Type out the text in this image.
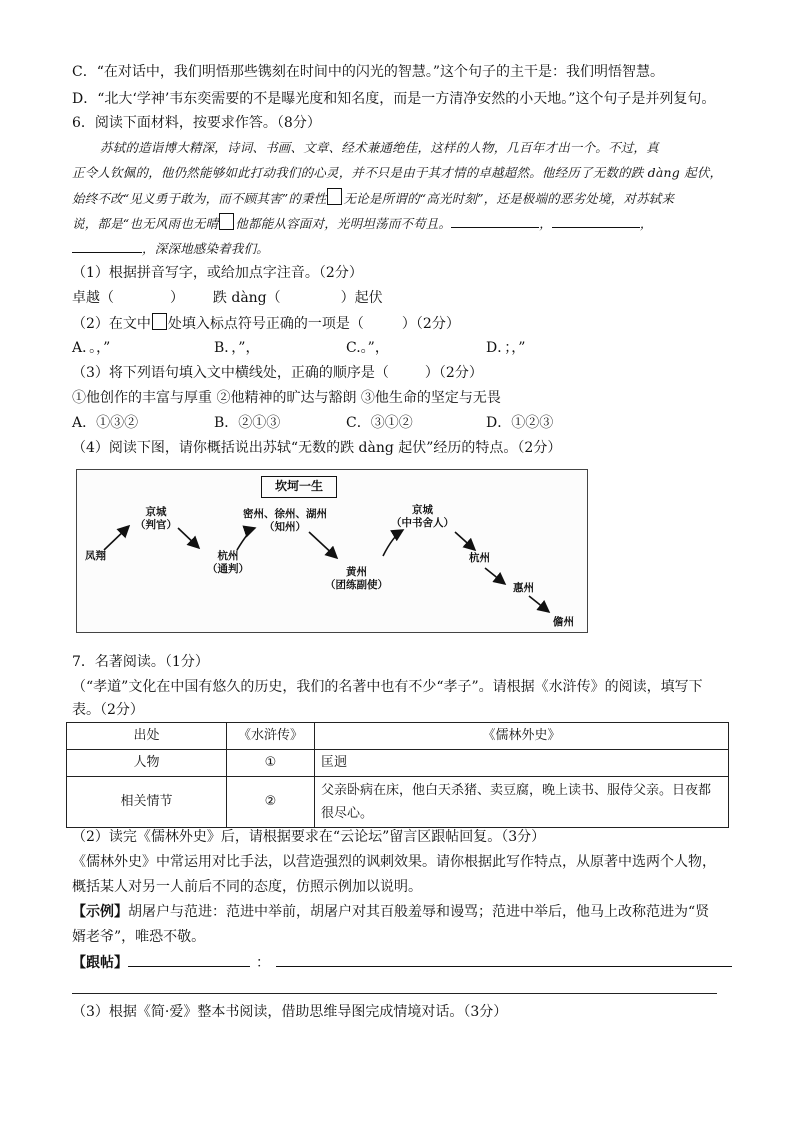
C．“在对话中，我们明悟那些镌刻在时间中的闪光的智慧。”这个句子的主干是：我们明悟智慧。
D．“北大‘学神’韦东奕需要的不是曝光度和知名度，而是一方清净安然的小天地。”这个句子是并列复句。
6．阅读下面材料，按要求作答。（8分）
苏轼的造诣博大精深，诗词、书画、文章、经术兼通绝佳，这样的人物，几百年才出一个。不过，真
正令人钦佩的，他仍然能够如此打动我们的心灵，并不只是由于其才情的卓越超然。他经历了无数的跌 dàng 起伏，
始终不改“见义勇于敢为，而不顾其害”的秉性 无论是所谓的“高光时刻”，还是极端的恶劣处境，对苏轼来
说，都是“也无风雨也无晴 他都能从容面对，光明坦荡而不苟且。	，	，
，深深地感染着我们。
（1）根据拼音写字，或给加点字注音。（2分）
卓越（	） 跌 dàng（	）起伏
（2）在文中 处填入标点符号正确的一项是（	）（2分）
A．。，”	B．，”，	C.。”，	D．；，”
（3）将下列语句填入文中横线处，正确的顺序是（	）（2分）
①他创作的丰富与厚重 ②他精神的旷达与豁朗 ③他生命的坚定与无畏
A．①③②	B．②①③	C．③①②	D．①②③
（4）阅读下图，请你概括说出苏轼“无数的跌 dàng 起伏”经历的特点。（2分）
坎坷一生
凤翔
京城
（判官）
杭州
（通判）
密州、徐州、湖州
（知州）
黄州
（团练副使）
京城
（中书舍人）
杭州
惠州
儋州
7．名著阅读。（1分）
（“孝道”文化在中国有悠久的历史，我们的名著中也有不少“孝子”。请根据《水浒传》的阅读，填写下
表。（2分）
出处	《水浒传》	《儒林外史》
人物	①	匡迥
相关情节	②	父亲卧病在床，他白天杀猪、卖豆腐，晚上读书、服侍父亲。日夜都很尽心。
（2）读完《儒林外史》后，请根据要求在“云论坛”留言区跟帖回复。（3分）
《儒林外史》中常运用对比手法，以营造强烈的讽刺效果。请你根据此写作特点，从原著中选两个人物，
概括某人对另一人前后不同的态度，仿照示例加以说明。
【示例】胡屠户与范进：范进中举前，胡屠户对其百般羞辱和谩骂；范进中举后，他马上改称范进为“贤
婿老爷”，唯恐不敬。
【跟帖】	：
（3）根据《简·爱》整本书阅读，借助思维导图完成情境对话。（3分）
